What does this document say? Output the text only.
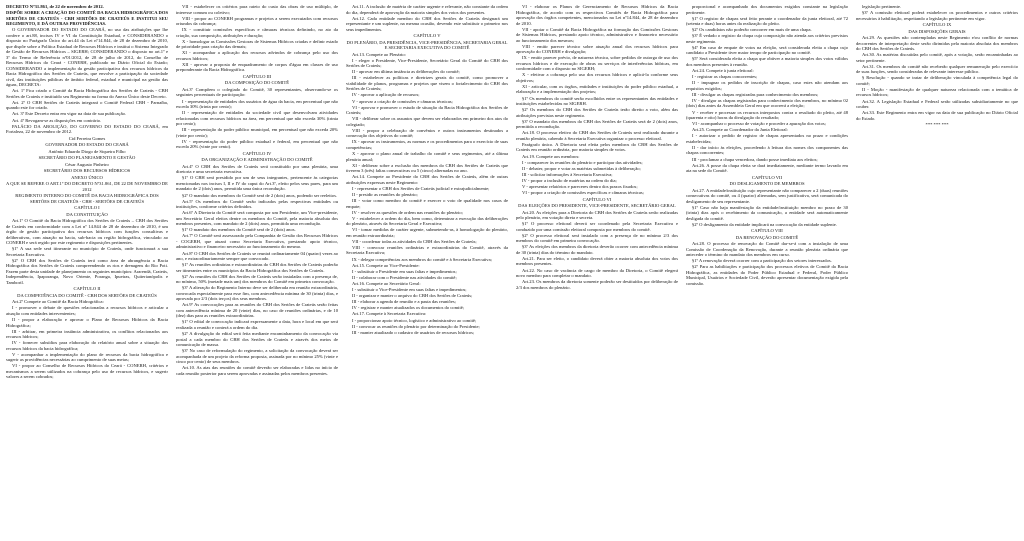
DECRETO Nº31.861, de 22 de novembro de 2012.

DISPÕE SOBRE A CRIAÇÃO DO COMITÊ DA BACIA HIDROGRÁFICA DOS SERTÕES DE CRATEÚS - CBH SERTÕES DE CRATEÚS E INSTITUI SEU REGIMENTO, E DÁ OUTRAS PROVIDÊNCIAS.

O GOVERNADOR DO ESTADO DO CEARÁ, no uso das atribuições que lhe confere o art.88, incisos IV e VI da Constituição Estadual, e CONSIDERANDO o disposto no Parágrafo Único do art.44 da Lei nº14.844, de 28 de dezembro de 2010, que dispõe sobre a Política Estadual de Recursos Hídricos e institui o Sistema Integrado de Gestão de Recursos Hídricos – SIGERH; CONSIDERANDO o disposto no art.1º e 3º do Termo de Referência nº01/2012, de 28 de julho de 2012, do Conselho de Recursos Hídricos do Ceará - CONERH, publicado no Diário Oficial do Estado; CONSIDERANDO a implementação da gestão participativa dos recursos hídricos da Bacia Hidrográfica dos Sertões de Crateús, que envolve a participação da sociedade civil, das instituições públicas de âmbito federal, estadual e municipal na gestão das águas, DECRETA:

Art. 1º Fica criado o Comitê da Bacia Hidrográfica dos Sertões de Crateús - CBH Sertões de Crateús e instituído seu Regimento na forma do Anexo Único deste Decreto.

Art. 2º O CBH Sertões de Crateús integrará o Comitê Federal CBH - Parnaíba, quando este for criado.

Art. 3º Este Decreto entra em vigor na data de sua publicação.

Art. 4º Revogam-se as disposições em contrário.

PALÁCIO DA ABOLIÇÃO, DO GOVERNO DO ESTADO DO CEARÁ, em Fortaleza, 22 de novembro de 2012.

Cid Ferreira Gomes

GOVERNADOR DO ESTADO DO CEARÁ

Antônio Eduardo Diogo de Siqueira Filho

SECRETÁRIO DO PLANEJAMENTO E GESTÃO

César Augusto Pinheiro

SECRETÁRIO DOS RECURSOS HÍDRICOS

ANEXO ÚNICO

A QUE SE REFERE O ART.1º DO DECRETO Nº31.861, DE 22 DE NOVEMBRO DE 2012

REGIMENTO INTERNO DO COMITÊ DA BACIA HIDROGRÁFICA DOS SERTÕES DE CRATEÚS - CBH - SERTÕES DE CRATEÚS

CAPÍTULO I

DA CONSTITUIÇÃO

Art.1º O Comitê da Bacia Hidrográfica dos Sertões de Crateús – CBH dos Sertões de Crateús em conformidade com a Lei nº 14.844 de 28 de dezembro de 2010, é um órgão de gestão participativa dos recursos hídricos com funções consultivas e deliberativas, com atuação na bacia, sub-bacia ou região hidrográfica, vinculado ao CONERH e será regido por este regimento e disposições pertinentes.

§1º A sua sede será itinerante no município de Crateús, onde funcionará a sua Secretaria Executiva.

§2º O CBH dos Sertões de Crateús terá como área de abrangência a Bacia Hidrográfica dos Sertões de Crateús compreendendo os rios e drenagens do Rio Poti. Fazem parte desta unidade de planejamento os seguintes municípios: Ararendá, Crateús, Independência, Ipaporanga, Novo Oriente, Poranga, Ipueiras, Quiterianópolis e Tamboril.

CAPÍTULO II

DA COMPETÊNCIA DO COMITÊ - CBH DOS SERTÕES DE CRATEÚS

Art.2º Compete ao Comitê da Bacia Hidrográfica:

I - promover o debate de questões relacionadas a recursos hídricos e articular a atuação com entidades intervenientes;

II - propor a elaboração e aprovar o Plano de Recursos Hídricos da Bacia Hidrográfica;

III - arbitrar, em primeira instância administrativa, os conflitos relacionados aos recursos hídricos;

IV - fornecer subsídios para elaboração do relatório anual sobre a situação dos recursos hídricos da bacia hidrográfica;

V - acompanhar a implementação do plano de recursos da bacia hidrográfica e sugerir as providências necessárias ao cumprimento de suas metas;

VI - propor ao Conselho de Recursos Hídricos do Ceará - CONERH, critérios e mecanismos a serem utilizados na cobrança pelo uso de recursos hídricos, e sugerir valores a serem cobrados;

VII - estabelecer os critérios para rateio do custo das obras de uso múltiplo, de interesse comum ou coletivo;

VIII - propor ao CONERH programas e projetos a serem executados com recursos oriundos da cobrança;

IX - constituir comissões específicas e câmaras técnicas definindo, no ato da criação, sua composição, atribuições e duração;

X - homologar as Comissões Gestoras de Sistemas Hídricos criadas e definir estado de prioridade para criação das demais;

XI - acompanhar a aplicação dos recursos advindos de cobrança pelo uso dos recursos hídricos;

XII - aprovar a proposta de enquadramento de corpos d'água em classes de uso preponderante da Bacia Hidrográfica.

CAPÍTULO III

DA COMPOSIÇÃO DO COMITÊ

Art.3º Compõem o colegiado do Comitê, 30 representantes, observando-se os seguintes percentuais de participação:

I - representação de entidades dos usuários de água da bacia, em percentual que não exceda 30% (trinta por cento);

II - representação de entidades da sociedade civil que desenvolvam atividades relacionadas com recursos hídricos na área, em percentual que não exceda 30% (trinta por cento);

III - representação do poder público municipal, em percentual que não exceda 20% (vinte por cento);

IV - representação do poder público estadual e federal, em percentual que não exceda 20% (vinte por cento).

CAPÍTULO IV

DA ORGANIZAÇÃO E ADMINISTRAÇÃO DO COMITÊ

Art.4º O CBH dos Sertões de Crateús será constituído por uma plenária, uma diretoria e uma secretaria executiva.

§1º O CBH será presidido por um de seus integrantes, pertencente às categorias mencionadas nos incisos I, II e IV do caput do Art.3º, eleito pelos seus pares, para um mandato de 2 (dois) anos, permitida uma única recondução.

§2º O mandato dos membros do Comitê será de 2 (dois) anos, podendo ser reeleitos.

Art.5º Os membros do Comitê serão indicados pelas respectivas entidades ou instituições, conforme critérios definidos.

Art.6º A Diretoria do Comitê será composta por um Presidente, um Vice-presidente, um Secretário Geral eleitos dentre os membros do Comitê, pela maioria absoluta dos membros presentes, com mandato de 2 (dois) anos, permitida uma recondução.

§1º O mandato dos membros do Comitê será de 2 (dois) anos.

Art.7º O Comitê será assessorado pela Companhia de Gestão dos Recursos Hídricos - COGERH, que atuará como Secretaria Executiva, prestando apoio técnico, administrativo e financeiro necessário ao funcionamento do mesmo.

Art.8º O CBH dos Sertões de Crateús se reunirá ordinariamente 04 (quatro) vezes ao ano, e extraordinariamente sempre que convocado.

§1º As reuniões ordinárias e extraordinárias do CBH dos Sertões de Crateús poderão ser itinerantes entre os municípios da Bacia Hidrográfica dos Sertões de Crateús.

§2º As reuniões do CBH dos Sertões de Crateús serão instaladas com a presença de, no mínimo, 50% (metade mais um) dos membros do Comitê em primeira convocação.

§3º A alteração do Regimento Interno deve ser deliberada em reunião extraordinária, convocada especialmente para esse fim, com antecedência mínima de 30 (trinta) dias, e aprovada por 2/3 (dois terços) dos seus membros.

Art.9º As convocações para as reuniões do CBH dos Sertões de Crateús serão feitas com antecedência mínima de 20 (vinte) dias, no caso de reuniões ordinárias, e de 10 (dez) dias para as reuniões extraordinárias.

§1º O edital de convocação indicará expressamente a data, hora e local em que será realizada a reunião e conterá a ordem do dia.

§2º A divulgação do edital será feita mediante encaminhamento da convocação via postal a cada membro do CBH dos Sertões de Crateús e através dos meios de comunicação de massa.

§3º No caso de reformulação do regimento, a solicitação da convocação deverá ser acompanhada de um projeto da reforma proposta, assinada por no mínimo 25% (vinte e cinco por cento) de seus membros.

Art.10. As atas das reuniões do comitê deverão ser elaboradas e lidas no início de cada reunião posterior para serem aprovadas e assinadas pelos membros presentes.

Art.11. A inclusão de matéria de caráter urgente e relevante, não constante da ordem do dia, dependerá de aprovação da maioria simples dos votos dos presentes.

Art.12. Cada entidade membro do CBH dos Sertões de Crateús designará um representante e um suplente, na mesma ocasião, devendo este substituir o primeiro nos seus impedimentos.

CAPÍTULO V

DO PLENÁRIO, DA PRESIDÊNCIA, VICE-PRESIDÊNCIA, SECRETARIA GERAL E SECRETARIA EXECUTIVA DO COMITÊ

Art.13. Compete ao Plenário:

I - eleger o Presidente, Vice-Presidente, Secretário Geral do Comitê do CBH dos Sertões de Crateús;

II - aprovar em última instância as deliberações do comitê;

III - estabelecer as políticas e diretrizes gerais do comitê, como promover a viabilidade de planos, programas e projetos que visem o fortalecimento do CBH dos Sertões de Crateús;

IV - aprovar a aplicação de recursos;

V - aprovar a criação de comissões e câmaras técnicas;

VI - aprovar e promover o estudo de situação da Bacia Hidrográfica dos Sertões de Crateús;

VII - deliberar sobre os assuntos que devem ser elaborados em primeiro dos atos do colegiado;

VIII - propor a celebração de convênios e outros instrumentos destinados a consecução dos objetivos do comitê;

IX - aprovar os instrumentos, as normas e os procedimentos para o exercício de suas competências;

X - aprovar o plano anual de trabalho do comitê e seus regimentos, até a última plenária anual;

XI - deliberar sobre a exclusão dos membros do CBH dos Sertões de Crateús que tiverem 3 (três) faltas consecutivas ou 5 (cinco) alternadas no ano.

Art.14. Compete ao Presidente do CBH dos Sertões de Crateús, além de outras atribuições expressas neste Regimento:

I - representar o CBH dos Sertões de Crateús judicial e extrajudicialmente;

II - presidir as reuniões do plenário;

III - votar como membro do comitê e exercer o voto de qualidade nos casos de empate;

IV - resolver as questões de ordem nas reuniões do plenário;

V - estabelecer a ordem do dia, bem como, determinar a execução das deliberações do plenário, através da Secretaria Geral e Executiva;

VI - tomar medidas de caráter urgente, submetendo-as, à homologação do plenário, em reunião extraordinária;

VII - coordenar todas as atividades do CBH dos Sertões de Crateús;

VIII - convocar reuniões ordinárias e extraordinárias do Comitê, através da Secretaria Executiva;

IX - delegar competências aos membros do comitê e à Secretaria Executiva;

Art.15. Compete ao Vice-Presidente:

I - substituir o Presidente em suas faltas e impedimentos;

II - colaborar com o Presidente nas atividades do comitê;

Art.16. Compete ao Secretário Geral:

I - substituir o Vice-Presidente em suas faltas e impedimentos;

II - organizar e manter o arquivo do CBH dos Sertões de Crateús;

III - elaborar a agenda de reunião e a pauta das reuniões;

IV - registrar e manter atualizados os documentos do comitê;

Art.17. Compete à Secretaria Executiva:

I - proporcionar apoio técnico, logístico e administrativo ao comitê;

II - convocar as reuniões do plenário por determinação do Presidente;

III - manter atualizado o cadastro de usuários de recursos hídricos;

VI - elaborar os Planos de Gerenciamento de Recursos Hídricos da Bacia Hidrográfica, de acordo com os respectivos Comitês de Bacia Hidrográfica para aprovação dos órgãos competentes, mencionados na Lei nº14.844, de 28 de dezembro de 2010.

VII - apoiar o Comitê da Bacia Hidrográfica na formação das Comissões Gestoras de Sistemas Hídricos, prestando apoio técnico, administrativo e financeiro necessário ao funcionamento dos mesmos;

VIII - emitir parecer técnico sobre atuação anual dos recursos hídricos para aprovação do CONERH e divulgação;

IX - emitir parecer prévio, de natureza técnica, sobre pedidos de outorga de uso dos recursos hídricos e de execução de obras ou serviços de interferências hídricas, em conformidade com o disposto no SIGERH;

X - efetivar a cobrança pelo uso dos recursos hídricos e aplicá-la conforme seus objetivos;

XI - articular, com os órgãos, entidades e instituições do poder público estadual, a elaboração e a implementação dos projetos;

§1º Os membros do comitê serão escolhidos entre os representantes das entidades e instituições estabelecidas no SIGERH.

§2º Os membros do CBH dos Sertões de Crateús terão direito a voto, além das atribuições previstas neste regimento.

§3º O mandato dos membros do CBH dos Sertões de Crateús será de 2 (dois) anos, permitida a recondução.

Art.18. O processo eletivo do CBH dos Sertões de Crateús será realizado durante a reunião plenária, cabendo à Secretaria Executiva organizar o processo eleitoral.

Parágrafo único. A Diretoria será eleita pelos membros do CBH dos Sertões de Crateús em reunião ordinária, por maioria simples de votos.

Art.19. Compete aos membros:

I - comparecer às reuniões do plenário e participar das atividades;

II - debater, propor e votar as matérias submetidas à deliberação;

III - solicitar informações à Secretaria Executiva;

IV - propor a inclusão de matérias na ordem do dia;

V - apresentar relatórios e pareceres dentro dos prazos fixados;

VI - propor a criação de comissões específicas e câmaras técnicas;

CAPÍTULO VI

DAS ELEIÇÕES DO PRESIDENTE, VICE-PRESIDENTE, SECRETÁRIO GERAL

Art.20. As eleições para a Diretoria do CBH dos Sertões de Crateús serão realizadas pelo plenário, em votação direta e secreta.

§1º O processo eleitoral deverá ser coordenado pela Secretaria Executiva e conduzido por uma comissão eleitoral composta por membros do comitê.

§2º O processo eleitoral será instalado com a presença de no mínimo 2/3 dos membros do comitê em primeira convocação.

§3º As eleições dos membros da diretoria deverão ocorrer com antecedência mínima de 30 (trinta) dias do término do mandato.

Art.21. Para ser eleito, o candidato deverá obter a maioria absoluta dos votos dos membros presentes.

Art.22. No caso de vacância de cargo de membro da Diretoria, o Comitê elegerá novo membro para completar o mandato.

Art.23. Os membros da diretoria somente poderão ser destituídos por deliberação de 2/3 dos membros do plenário.

proporcional e acompanhado dos documentos exigidos constante na legislação pertinente.

§1º O registro de chapas será feito perante o coordenador da junta eleitoral, até 72 (setenta e duas) horas antes da realização do pleito.

§2º Os candidatos não poderão concorrer em mais de uma chapa.

§3º É vedado o registro da chapa cuja composição não atenda aos critérios previstos neste regimento.

§4º Em caso de empate de votos na eleição, será considerada eleita a chapa cujo candidato a Presidente tiver maior tempo de participação no comitê.

§5º Será considerada eleita a chapa que obtiver a maioria simples dos votos válidos dos membros presentes à reunião.

Art.24. Compete à junta eleitoral:

I - registrar as chapas concorrentes;

II - impugnar os pedidos de inscrição de chapas, caso estes não atendam aos requisitos exigidos;

III - divulgar as chapas registradas para conhecimento dos membros;

IV - divulgar as chapas registradas para conhecimento dos membros, no mínimo 02 (dois) dias antes da Assembleia Geral em que ocorrerá a eleição;

V - receber e processar os recursos interpostos contra o resultado do pleito, até 48 (quarenta e oito) horas da divulgação do resultado;

VI - acompanhar o processo de votação e proceder a apuração dos votos;

Art.25. Compete ao Coordenador da Junta Eleitoral:

I - autorizar o pedido de registro de chapas apresentados no prazo e condições estabelecidas;

II - dar início às eleições, procedendo à leitura dos nomes dos componentes das chapas concorrentes;

III - proclamar a chapa vencedora, dando posse imediata aos eleitos;

Art.26. A posse da chapa eleita se dará imediatamente, mediante termo lavrado em ata na sede do Comitê.

CAPÍTULO VII

DO DESLIGAMENTO DE MEMBROS

Art.27. A entidade/instituição cujo representante não comparecer a 2 (duas) reuniões consecutivas do comitê, ou 4 (quatro) alternadas, sem justificativa, será comunicada do desligamento de seu representante.

§1º Caso não haja manifestação da entidade/instituição membro no prazo de 30 (trinta) dias após o recebimento da comunicação, a entidade será automaticamente desligada do comitê.

§2º O desligamento da entidade implicará na convocação da entidade suplente.

CAPÍTULO VIII

DA RENOVAÇÃO DO COMITÊ

Art.28. O processo de renovação do Comitê dar-se-á com a instalação de uma Comissão de Coordenação da Renovação, durante a reunião plenária ordinária que anteceder o término do mandato dos membros em curso.

§1º A renovação deverá ocorrer com a participação dos setores interessados.

§2º Para as habilitações e participação dos processos eletivos de Comitê da Bacia Hidrográfica, as entidades do Poder Público Estadual e Federal, Poder Público Municipal, Usuários e Sociedade Civil, deverão apresentar documentação exigida pela comissão.

legislação pertinente.

§3º A comissão eleitoral poderá estabelecer os procedimentos e outros critérios necessários à habilitação, respeitando a legislação pertinente em vigor.

CAPÍTULO IX

DAS DISPOSIÇÕES GERAIS

Art.29. As questões não contempladas neste Regimento e/ou conflito de normas decorrentes de interpretação deste serão dirimidas pela maioria absoluta dos membros do CBH dos Sertões de Crateús.

Art.30. As matérias discutidas pelo comitê, após a votação, serão encaminhadas ao setor pertinente.

Art.31. Os membros do comitê não receberão qualquer remuneração pelo exercício de suas funções, sendo consideradas de relevante interesse público.

§ Resolução - quando se tratar de deliberação vinculada à competência legal do comitê;

II - Moção - manifestação de qualquer natureza relacionada com a temática de recursos hídricos;

Art.32. A Legislação Estadual e Federal serão utilizadas subsidiariamente no que couber.

Art.33. Este Regimento entra em vigor na data de sua publicação no Diário Oficial do Estado.

*** *** ***
